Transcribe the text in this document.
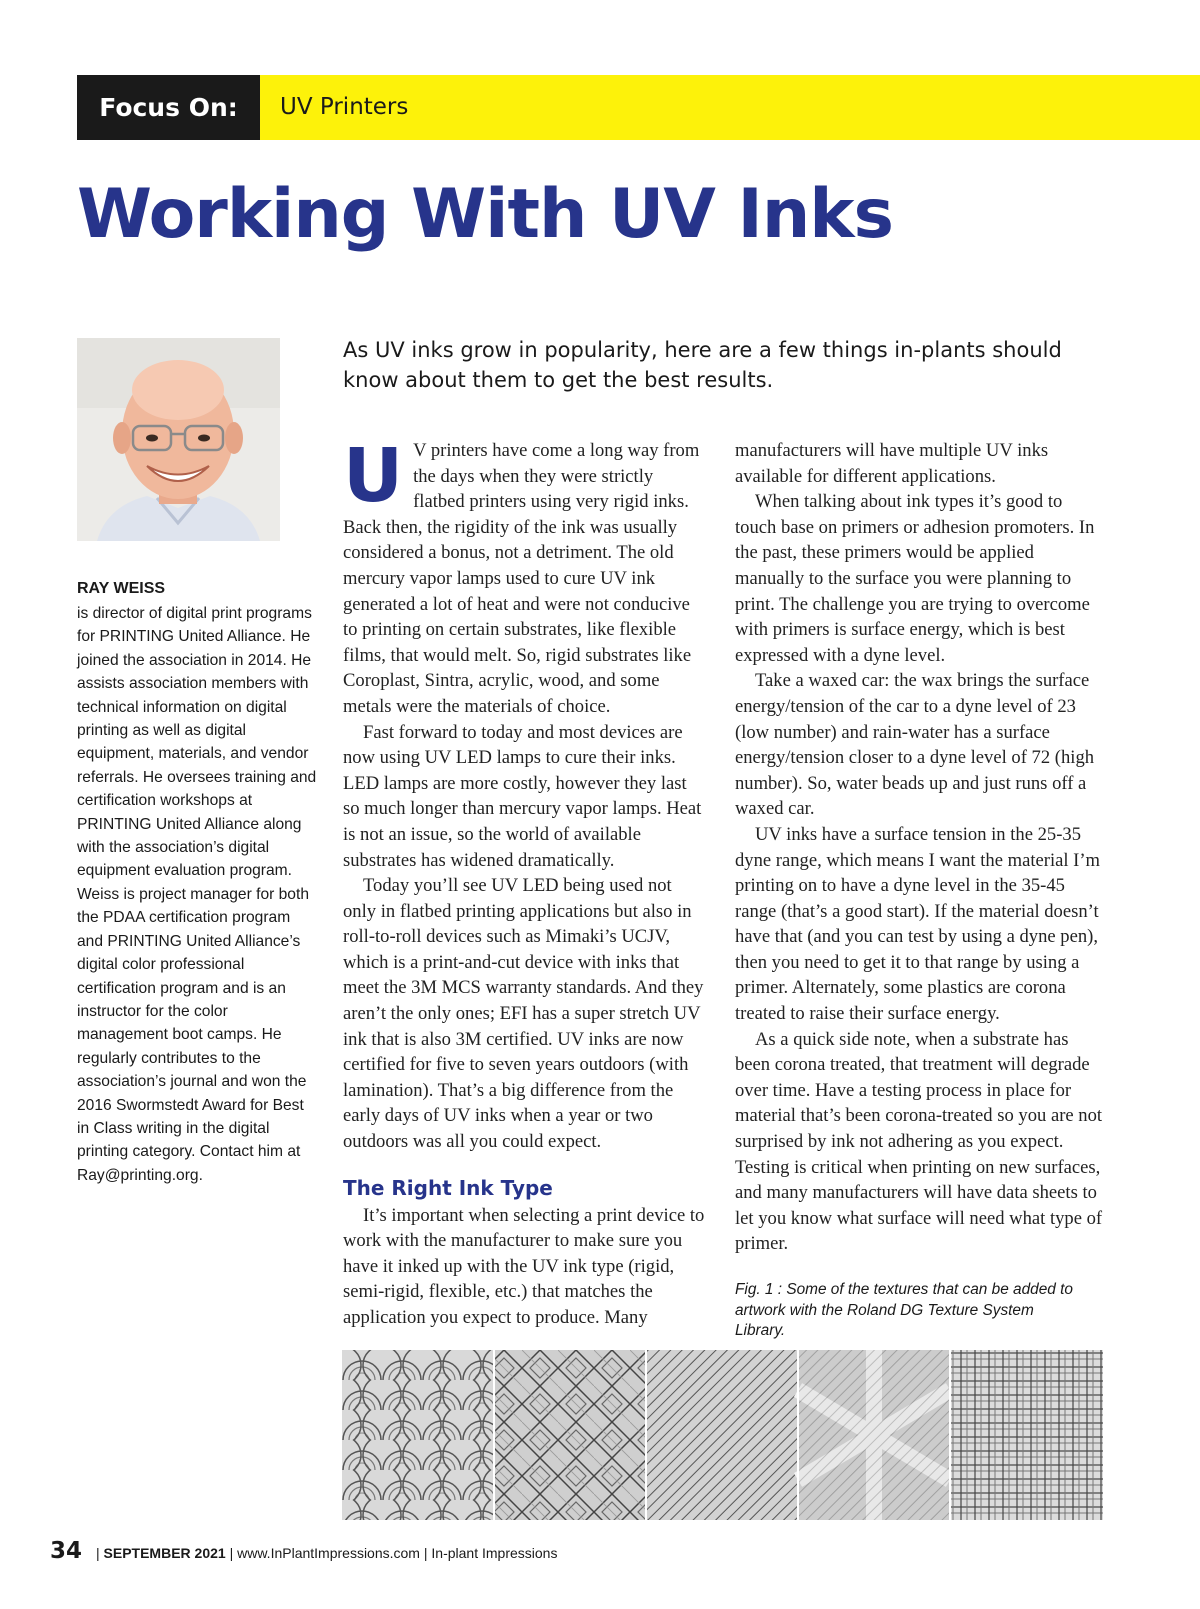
Focus On:	UV Printers
Working With UV Inks
RAY WEISS
is director of digital print programs for PRINTING United Alliance. He joined the association in 2014. He assists association members with technical information on digital printing as well as digital equipment, materials, and vendor referrals. He oversees training and certification workshops at PRINTING United Alliance along with the association’s digital equipment evaluation program. Weiss is project manager for both the PDAA certification program and PRINTING United Alliance’s digital color professional certification program and is an instructor for the color management boot camps. He regularly contributes to the association’s journal and won the 2016 Swormstedt Award for Best in Class writing in the digital printing category. Contact him at Ray@printing.org.
As UV inks grow in popularity, here are a few things in-plants should know about them to get the best results.

U V printers have come a long way from the days when they were strictly flatbed printers using very rigid inks. Back then, the rigidity of the ink was usually considered a bonus, not a detriment. The old mercury vapor lamps used to cure UV ink generated a lot of heat and were not conducive to printing on certain substrates, like flexible films, that would melt. So, rigid substrates like Coroplast, Sintra, acrylic, wood, and some metals were the materials of choice.

Fast forward to today and most devices are now using UV LED lamps to cure their inks. LED lamps are more costly, however they last so much longer than mercury vapor lamps. Heat is not an issue, so the world of available substrates has widened dramatically.

Today you’ll see UV LED being used not only in flatbed printing applications but also in roll-to-roll devices such as Mimaki’s UCJV, which is a print-and-cut device with inks that meet the 3M MCS warranty standards. And they aren’t the only ones; EFI has a super stretch UV ink that is also 3M certified. UV inks are now certified for five to seven years outdoors (with lamination). That’s a big difference from the early days of UV inks when a year or two outdoors was all you could expect.

The Right Ink Type

It’s important when selecting a print device to work with the manufacturer to make sure you have it inked up with the UV ink type (rigid, semi-rigid, flexible, etc.) that matches the application you expect to produce. Many

manufacturers will have multiple UV inks available for different applications.

When talking about ink types it’s good to touch base on primers or adhesion promoters. In the past, these primers would be applied manually to the surface you were planning to print. The challenge you are trying to overcome with primers is surface energy, which is best expressed with a dyne level.

Take a waxed car: the wax brings the surface energy/tension of the car to a dyne level of 23 (low number) and rain-water has a surface energy/tension closer to a dyne level of 72 (high number). So, water beads up and just runs off a waxed car.

UV inks have a surface tension in the 25-35 dyne range, which means I want the material I’m printing on to have a dyne level in the 35-45 range (that’s a good start). If the material doesn’t have that (and you can test by using a dyne pen), then you need to get it to that range by using a primer. Alternately, some plastics are corona treated to raise their surface energy.

As a quick side note, when a substrate has been corona treated, that treatment will degrade over time. Have a testing process in place for material that’s been corona-treated so you are not surprised by ink not adhering as you expect. Testing is critical when printing on new surfaces, and many manufacturers will have data sheets to let you know what surface will need what type of primer.

Fig. 1 : Some of the textures that can be added to artwork with the Roland DG Texture System Library.
34 | SEPTEMBER 2021 | www.InPlantImpressions.com | In-plant Impressions
